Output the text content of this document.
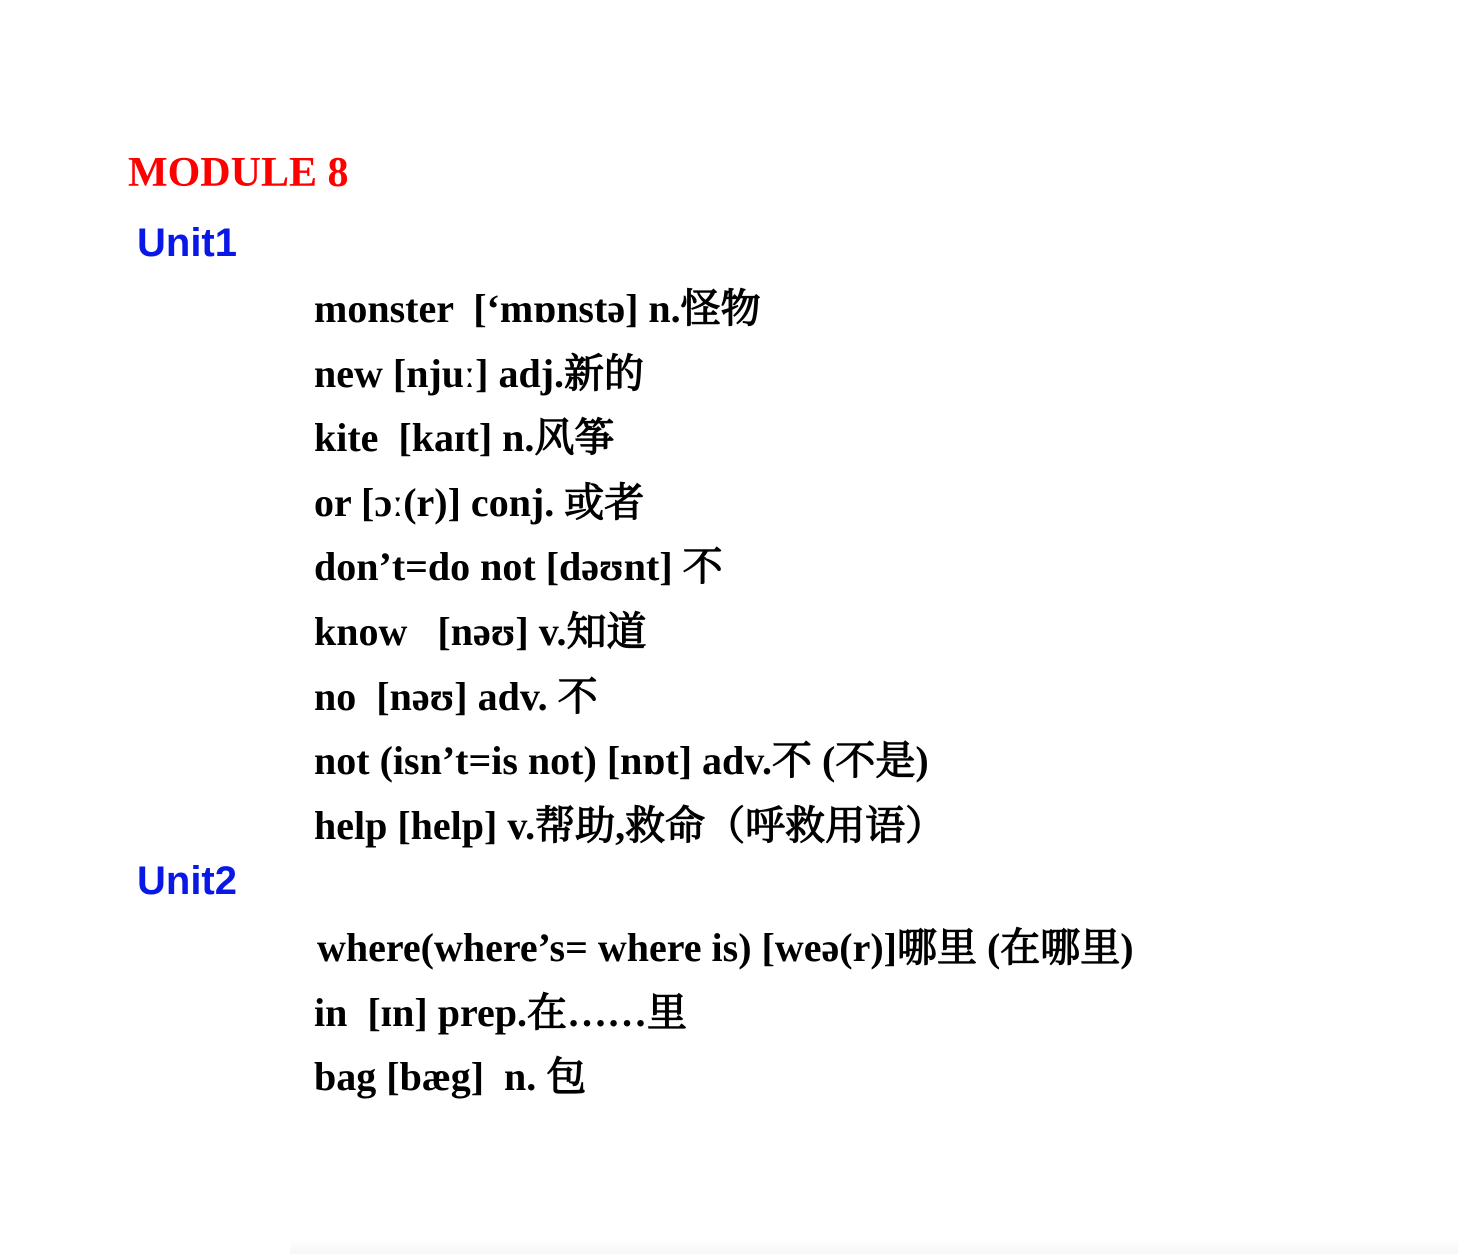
MODULE 8
Unit1
monster  [‘mɒnstə] n.怪物
new [njuː] adj.新的
kite  [kaɪt] n.风筝
or [ɔː(r)] conj. 或者
don’t=do not [dəʊnt] 不
know   [nəʊ] v.知道
no  [nəʊ] adv. 不
not (isn’t=is not) [nɒt] adv.不 (不是)
help [help] v.帮助,救命（呼救用语）
Unit2
where(where’s= where is) [weə(r)]哪里 (在哪里)
in  [ɪn] prep.在……里
bag [bæg]  n. 包
